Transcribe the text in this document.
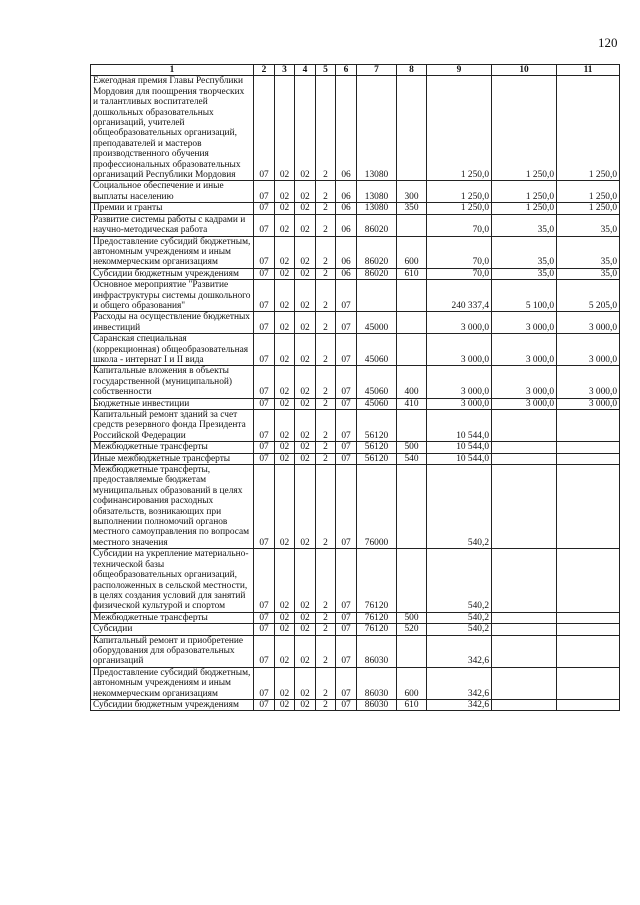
120
1	2	3	4	5	6	7	8	9	10	11
Ежегодная премия Главы Республики Мордовия для поощрения творческих и талантливых воспитателей дошкольных образовательных организаций, учителей общеобразовательных организаций, преподавателей и мастеров производственного обучения профессиональных образовательных организаций Республики Мордовия	07	02	02	2	06	13080		1 250,0	1 250,0	1 250,0
Социальное обеспечение и иные выплаты населению	07	02	02	2	06	13080	300	1 250,0	1 250,0	1 250,0
Премии и гранты	07	02	02	2	06	13080	350	1 250,0	1 250,0	1 250,0
Развитие системы работы с кадрами и научно-методическая работа	07	02	02	2	06	86020		70,0	35,0	35,0
Предоставление субсидий бюджетным, автономным учреждениям и иным некоммерческим организациям	07	02	02	2	06	86020	600	70,0	35,0	35,0
Субсидии бюджетным учреждениям	07	02	02	2	06	86020	610	70,0	35,0	35,0
Основное мероприятие "Развитие инфраструктуры системы дошкольного и общего образования"	07	02	02	2	07			240 337,4	5 100,0	5 205,0
Расходы на осуществление бюджетных инвестиций	07	02	02	2	07	45000		3 000,0	3 000,0	3 000,0
Саранская специальная (коррекционная) общеобразовательная школа - интернат I и II вида	07	02	02	2	07	45060		3 000,0	3 000,0	3 000,0
Капитальные вложения в объекты государственной (муниципальной) собственности	07	02	02	2	07	45060	400	3 000,0	3 000,0	3 000,0
Бюджетные инвестиции	07	02	02	2	07	45060	410	3 000,0	3 000,0	3 000,0
Капитальный ремонт зданий за счет средств резервного фонда Президента Российской Федерации	07	02	02	2	07	56120		10 544,0		
Межбюджетные трансферты	07	02	02	2	07	56120	500	10 544,0		
Иные межбюджетные трансферты	07	02	02	2	07	56120	540	10 544,0		
Межбюджетные трансферты, предоставляемые бюджетам муниципальных образований в целях софинансирования расходных обязательств, возникающих при выполнении полномочий органов местного самоуправления по вопросам местного значения	07	02	02	2	07	76000		540,2		
Субсидии на укрепление материально-технической базы общеобразовательных организаций, расположенных в сельской местности, в целях создания условий для занятий физической культурой и спортом	07	02	02	2	07	76120		540,2		
Межбюджетные трансферты	07	02	02	2	07	76120	500	540,2		
Субсидии	07	02	02	2	07	76120	520	540,2		
Капитальный ремонт и приобретение оборудования для образовательных организаций	07	02	02	2	07	86030		342,6		
Предоставление субсидий бюджетным, автономным учреждениям и иным некоммерческим организациям	07	02	02	2	07	86030	600	342,6		
Субсидии бюджетным учреждениям	07	02	02	2	07	86030	610	342,6		
